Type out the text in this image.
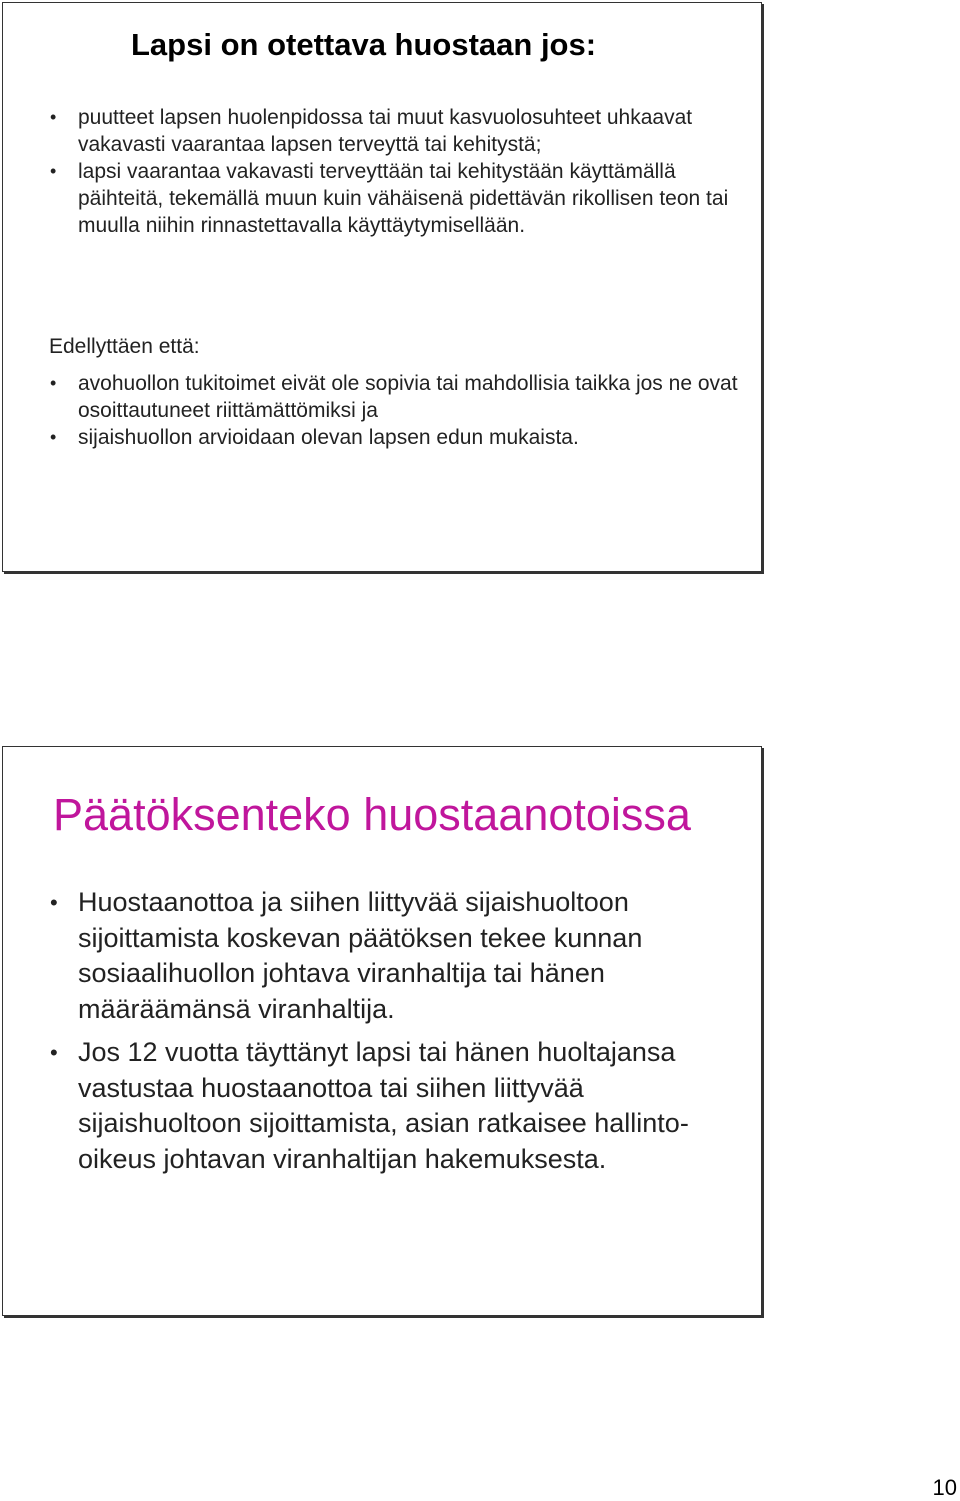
Lapsi on otettava huostaan jos:
• puutteet lapsen huolenpidossa tai muut kasvuolosuhteet uhkaavat vakavasti vaarantaa lapsen terveyttä tai kehitystä;
• lapsi vaarantaa vakavasti terveyttään tai kehitystään käyttämällä päihteitä, tekemällä muun kuin vähäisenä pidettävän rikollisen teon tai muulla niihin rinnastettavalla käyttäytymisellään.

Edellyttäen että:

• avohuollon tukitoimet eivät ole sopivia tai mahdollisia taikka jos ne ovat osoittautuneet riittämättömiksi ja
• sijaishuollon arvioidaan olevan lapsen edun mukaista.
Päätöksenteko huostaanotoissa
• Huostaanottoa ja siihen liittyvää sijaishuoltoon sijoittamista koskevan päätöksen tekee kunnan sosiaalihuollon johtava viranhaltija tai hänen määräämänsä viranhaltija.
• Jos 12 vuotta täyttänyt lapsi tai hänen huoltajansa vastustaa huostaanottoa tai siihen liittyvää sijaishuoltoon sijoittamista, asian ratkaisee hallinto-oikeus johtavan viranhaltijan hakemuksesta.
10
